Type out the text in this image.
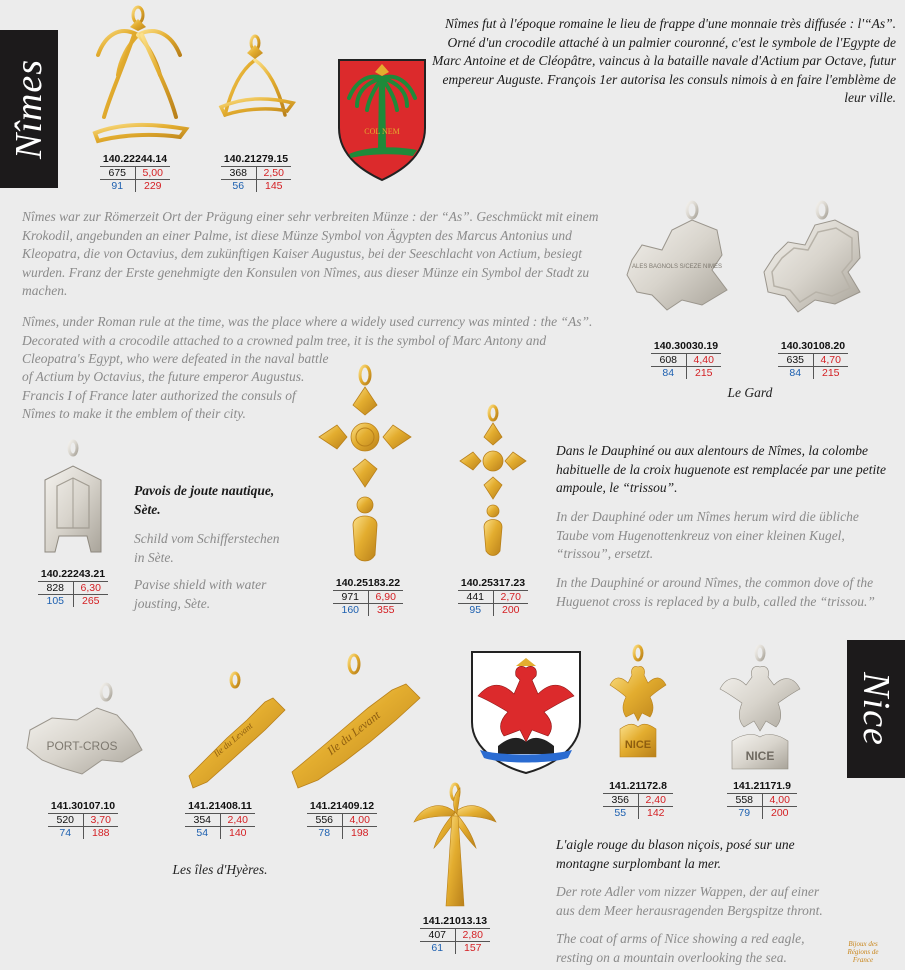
Nîmes
Nice
COL NEM
140.22244.14
675	5,00
91	229
140.21279.15
368	2,50
56	145
Nîmes fut à l'époque romaine le lieu de frappe d'une monnaie très diffusée : l'“As”. Orné d'un crocodile attaché à un palmier couronné, c'est le symbole de l'Egypte de Marc Antoine et de Cléopâtre, vaincus à la bataille navale d'Actium par Octave, futur empereur Auguste. François 1er autorisa les consuls nimois à en faire l'emblème de leur ville.
Nîmes war zur Römerzeit Ort der Prägung einer sehr verbreiten Münze : der “As”. Geschmückt mit einem Krokodil, angebunden an einer Palme, ist diese Münze Symbol von Ägypten des Marcus Antonius und Kleopatra, die von Octavius, dem zukünftigen Kaiser Augustus, bei der Seeschlacht von Actium, besiegt wurden. Franz der Erste genehmigte den Konsulen von Nîmes, aus dieser Münze ein Symbol der Stadt zu machen.
Nîmes, under Roman rule at the time, was the place where a widely used currency was minted : the “As”. Decorated with a crocodile attached to a crowned palm tree, it is the symbol of Marc Antony and Cleopatra's Egypt, who were defeated in the naval battle
of Actium by Octavius, the future emperor Augustus. Francis I of France later authorized the consuls of Nîmes to make it the emblem of their city.
ALES BAGNOLS S/CEZE NIMES
140.30030.19
608	4,40
84	215
140.30108.20
635	4,70
84	215
Le Gard
140.22243.21
828	6,30
105	265
Pavois de joute nautique, Sète.
Schild vom Schifferstechen in Sète.
Pavise shield with water jousting, Sète.
140.25183.22
971	6,90
160	355
140.25317.23
441	2,70
95	200
Dans le Dauphiné ou aux alentours de Nîmes, la colombe habituelle de la croix huguenote est remplacée par une petite ampoule, le “trissou”.
In der Dauphiné oder um Nîmes herum wird die übliche Taube vom Hugenottenkreuz von einer kleinen Kugel, “trissou”, ersetzt.
In the Dauphiné or around Nîmes, the common dove of the Huguenot cross is replaced by a bulb, called the “trissou.”
PORT-CROS	Ile du Levant	Ile du Levant
141.30107.10
520	3,70
74	188
141.21408.11
354	2,40
54	140
141.21409.12
556	4,00
78	198
Les îles d'Hyères.
141.21013.13
407	2,80
61	157
NICE
NICE
141.21172.8
356	2,40
55	142
141.21171.9
558	4,00
79	200
L'aigle rouge du blason niçois, posé sur une montagne surplombant la mer.
Der rote Adler vom nizzer Wappen, der auf einer aus dem Meer herausragenden Bergspitze thront.
The coat of arms of Nice showing a red eagle, resting on a mountain overlooking the sea.
Bijoux des Régions de France
